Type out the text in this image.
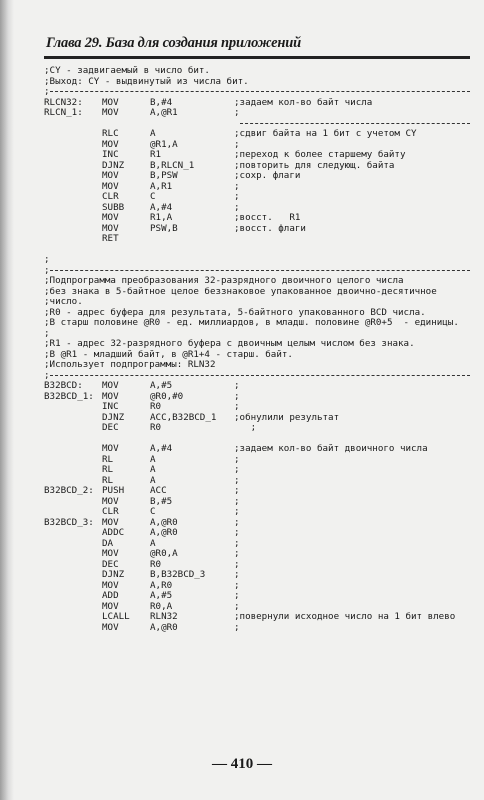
Глава 29. База для создания приложений
;CY - задвигаемый в число бит.
;Выход: CY - выдвинутый из числа бит.
;
RLCN32: MOV	B,#4	;задаем кол-во байт числа
RLCN_1: MOV	A,@R1	;
RLC	A	;сдвиг байта на 1 бит с учетом CY
MOV	@R1,A	;
INC	R1	;переход к более старшему байту
DJNZ	B,RLCN_1	;повторить для следующ. байта
MOV	B,PSW	;сохр. флаги
MOV	A,R1	;
CLR	C	;
SUBB	A,#4	;
MOV	R1,A	;восст.   R1
MOV	PSW,B	;восст. флаги
RET
;
;
;Подпрограмма преобразования 32-разрядного двоичного целого числа
;без знака в 5-байтное целое беззнаковое упакованное двоично-десятичное
;число.
;R0 - адрес буфера для результата, 5-байтного упакованного BCD числа.
;В старш половине @R0 - ед. миллиардов, в младш. половине @R0+5  - единицы.
;
;R1 - адрес 32-разрядного буфера с двоичным целым числом без знака.
;В @R1 - младший байт, в @R1+4 - старш. байт.
;Использует подпрограммы: RLN32
;
B32BCD: MOV	A,#5	;
B32BCD_1: MOV	@R0,#0	;
INC	R0	;
DJNZ	ACC,B32BCD_1 ;обнулили результат
DEC	R0	;
MOV	A,#4	;задаем кол-во байт двоичного числа
RL	A	;
RL	A	;
RL	A	;
B32BCD_2: PUSH	ACC	;
MOV	B,#5	;
CLR	C	;
B32BCD_3: MOV	A,@R0	;
ADDC	A,@R0	;
DA	A	;
MOV	@R0,A	;
DEC	R0	;
DJNZ	B,B32BCD_3	;
MOV	A,R0	;
ADD	A,#5	;
MOV	R0,A	;
LCALL RLN32	;повернули исходное число на 1 бит влево
MOV	A,@R0	;
— 410 —
